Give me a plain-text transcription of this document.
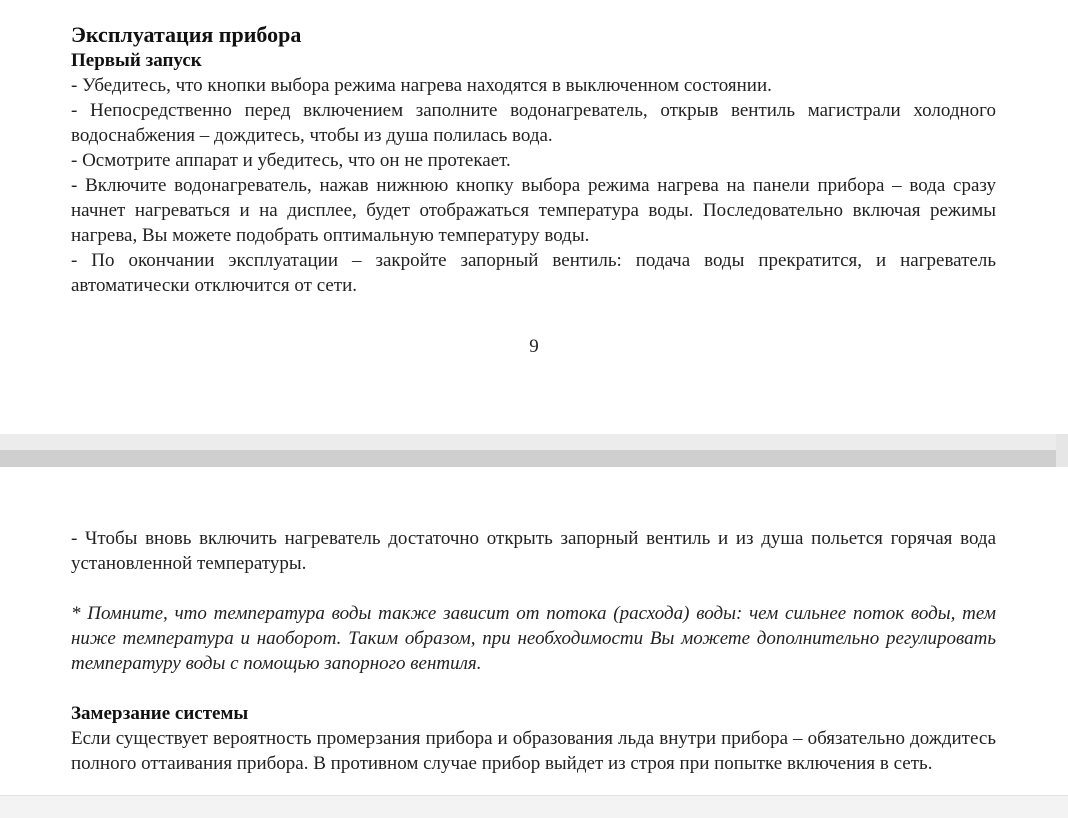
Эксплуатация прибора
Первый запуск

- Убедитесь, что кнопки выбора режима нагрева находятся в выключенном состоянии.

- Непосредственно перед включением заполните водонагреватель, открыв вентиль магистрали холодного водоснабжения – дождитесь, чтобы из душа полилась вода.

- Осмотрите аппарат и убедитесь, что он не протекает.

- Включите водонагреватель, нажав нижнюю кнопку выбора режима нагрева на панели прибора – вода сразу начнет нагреваться и на дисплее, будет отображаться температура воды. Последовательно включая режимы нагрева, Вы можете подобрать оптимальную температуру воды.

- По окончании эксплуатации – закройте запорный вентиль: подача воды прекратится, и нагреватель автоматически отключится от сети.

9

- Чтобы вновь включить нагреватель достаточно открыть запорный вентиль и из душа польется горячая вода установленной температуры.

* Помните, что температура воды также зависит от потока (расхода) воды: чем сильнее поток воды, тем ниже температура и наоборот. Таким образом, при необходимости Вы можете дополнительно регулировать температуру воды с помощью запорного вентиля.

Замерзание системы

Если существует вероятность промерзания прибора и образования льда внутри прибора – обязательно дождитесь полного оттаивания прибора. В противном случае прибор выйдет из строя при попытке включения в сеть.
